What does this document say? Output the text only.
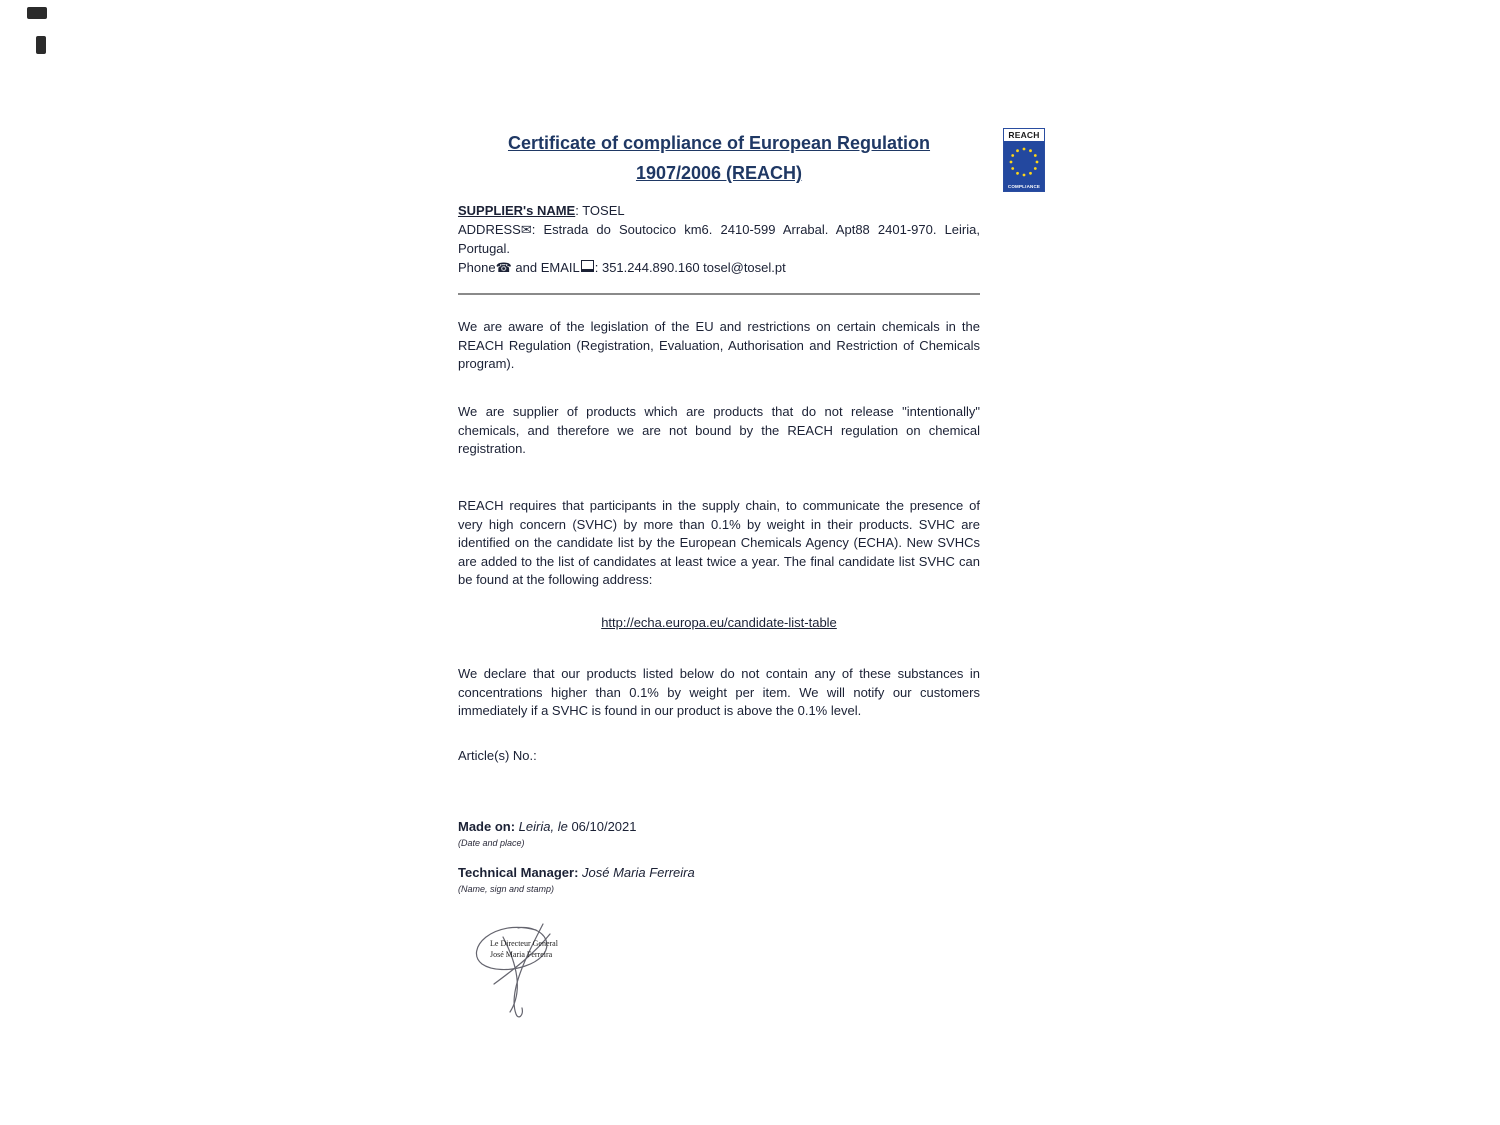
Certificate of compliance of European Regulation
1907/2006 (REACH)
REACH
COMPLIANCE
SUPPLIER's NAME: TOSEL
ADDRESS✉: Estrada do Soutocico km6. 2410-599 Arrabal. Apt88 2401-970. Leiria, Portugal.
Phone☎ and EMAIL : 351.244.890.160 tosel@tosel.pt
We are aware of the legislation of the EU and restrictions on certain chemicals in the REACH Regulation (Registration, Evaluation, Authorisation and Restriction of Chemicals program).
We are supplier of products which are products that do not release "intentionally" chemicals, and therefore we are not bound by the REACH regulation on chemical registration.
REACH requires that participants in the supply chain, to communicate the presence of very high concern (SVHC) by more than 0.1% by weight in their products. SVHC are identified on the candidate list by the European Chemicals Agency (ECHA). New SVHCs are added to the list of candidates at least twice a year. The final candidate list SVHC can be found at the following address:
http://echa.europa.eu/candidate-list-table
We declare that our products listed below do not contain any of these substances in concentrations higher than 0.1% by weight per item. We will notify our customers immediately if a SVHC is found in our product is above the 0.1% level.
Article(s) No.:
Made on: Leiria, le 06/10/2021
(Date and place)
Technical Manager: José Maria Ferreira
(Name, sign and stamp)
Le Directeur General
José Maria Ferreira
